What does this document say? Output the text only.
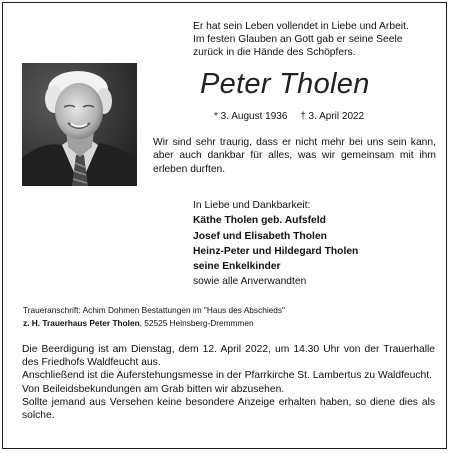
Er hat sein Leben vollendet in Liebe und Arbeit.
Im festen Glauben an Gott gab er seine Seele
zurück in die Hände des Schöpfers.
Peter Tholen
* 3. August 1936 † 3. April 2022
Wir sind sehr traurig, dass er nicht mehr bei uns sein kann, aber auch dankbar für alles, was wir gemeinsam mit ihm erleben durften.
In Liebe und Dankbarkeit:
Käthe Tholen geb. Aufsfeld
Josef und Elisabeth Tholen
Heinz-Peter und Hildegard Tholen
seine Enkelkinder
sowie alle Anverwandten
Traueranschrift: Achim Dohmen Bestattungen im "Haus des Abschieds"
z. H. Trauerhaus Peter Tholen, 52525 Heinsberg-Dremmmen

Die Beerdigung ist am Dienstag, dem 12. April 2022, um 14.30 Uhr von der Trauerhalle des Friedhofs Waldfeucht aus.

Anschließend ist die Auferstehungsmesse in der Pfarrkirche St. Lambertus zu Waldfeucht.

Von Beileidsbekundungen am Grab bitten wir abzusehen.

Sollte jemand aus Versehen keine besondere Anzeige erhalten haben, so diene dies als solche.
